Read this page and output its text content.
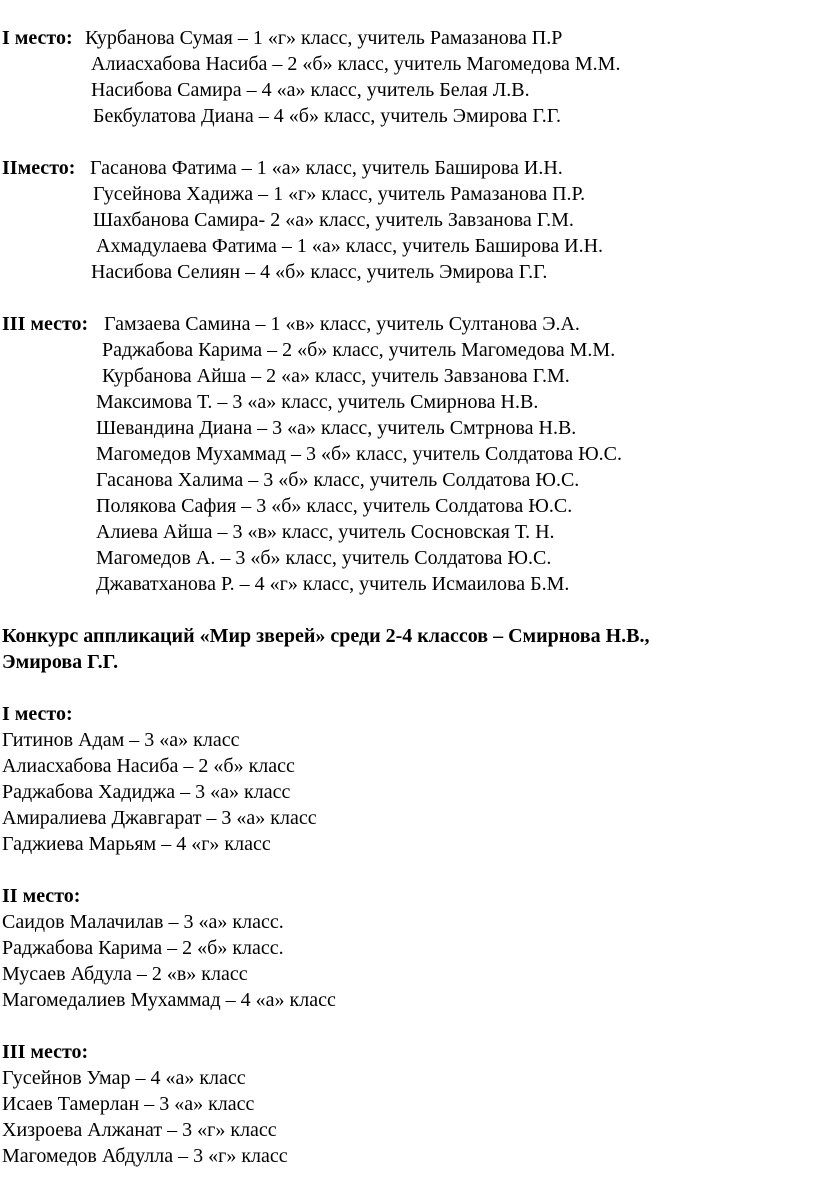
I место: Курбанова Сумая – 1 «г» класс, учитель Рамазанова П.Р
Алиасхабова Насиба – 2 «б» класс, учитель Магомедова М.М.
Насибова Самира – 4 «а» класс, учитель Белая Л.В.
Бекбулатова Диана – 4 «б» класс, учитель Эмирова Г.Г.
IIместо: Гасанова Фатима – 1 «а» класс, учитель Баширова И.Н.
Гусейнова Хадижа – 1 «г» класс, учитель Рамазанова П.Р.
Шахбанова Самира- 2 «а» класс, учитель Завзанова Г.М.
Ахмадулаева Фатима – 1 «а» класс, учитель Баширова И.Н.
Насибова Селиян – 4 «б» класс, учитель Эмирова Г.Г.
III место: Гамзаева Самина – 1 «в» класс, учитель Султанова Э.А.
Раджабова Карима – 2 «б» класс, учитель Магомедова М.М.
Курбанова Айша – 2 «а» класс, учитель Завзанова Г.М.
Максимова Т. – 3 «а» класс, учитель Смирнова Н.В.
Шевандина Диана – 3 «а» класс, учитель Смтрнова Н.В.
Магомедов Мухаммад – 3 «б» класс, учитель Солдатова Ю.С.
Гасанова Халима – 3 «б» класс, учитель Солдатова Ю.С.
Полякова Сафия – 3 «б» класс, учитель Солдатова Ю.С.
Алиева Айша – 3 «в» класс, учитель Сосновская Т. Н.
Магомедов А. – 3 «б» класс, учитель Солдатова Ю.С.
Джаватханова Р. – 4 «г» класс, учитель Исмаилова Б.М.
Конкурс аппликаций «Мир зверей» среди 2-4 классов – Смирнова Н.В.,
Эмирова Г.Г.
I место:
Гитинов Адам – 3 «а» класс
Алиасхабова Насиба – 2 «б» класс
Раджабова Хадиджа – 3 «а» класс
Амиралиева Джавгарат – 3 «а» класс
Гаджиева Марьям – 4 «г» класс
II место:
Саидов Малачилав – 3 «а» класс.
Раджабова Карима – 2 «б» класс.
Мусаев Абдула – 2 «в» класс
Магомедалиев Мухаммад – 4 «а» класс
III место:
Гусейнов Умар – 4 «а» класс
Исаев Тамерлан – 3 «а» класс
Хизроева Алжанат – 3 «г» класс
Магомедов Абдулла – 3 «г» класс
